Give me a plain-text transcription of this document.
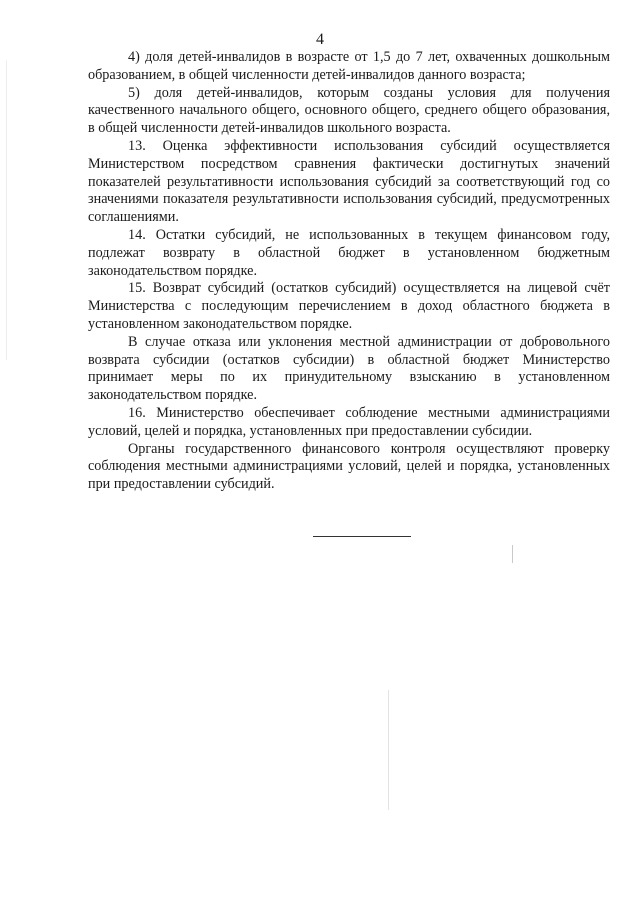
4

4) доля детей-инвалидов в возрасте от 1,5 до 7 лет, охваченных дошкольным образованием, в общей численности детей-инвалидов данного возраста;

5) доля детей-инвалидов, которым созданы условия для получения качественного начального общего, основного общего, среднего общего образования, в общей численности детей-инвалидов школьного возраста.

13. Оценка эффективности использования субсидий осуществляется Министерством посредством сравнения фактически достигнутых значений показателей результативности использования субсидий за соответствующий год со значениями показателя результативности использования субсидий, предусмотренных соглашениями.

14. Остатки субсидий, не использованных в текущем финансовом году, подлежат возврату в областной бюджет в установленном бюджетным законодательством порядке.

15. Возврат субсидий (остатков субсидий) осуществляется на лицевой счёт Министерства с последующим перечислением в доход областного бюджета в установленном законодательством порядке.

В случае отказа или уклонения местной администрации от добровольного возврата субсидии (остатков субсидии) в областной бюджет Министерство принимает меры по их принудительному взысканию в установленном законодательством порядке.

16. Министерство обеспечивает соблюдение местными администрациями условий, целей и порядка, установленных при предоставлении субсидии.

Органы государственного финансового контроля осуществляют проверку соблюдения местными администрациями условий, целей и порядка, установленных при предоставлении субсидий.
